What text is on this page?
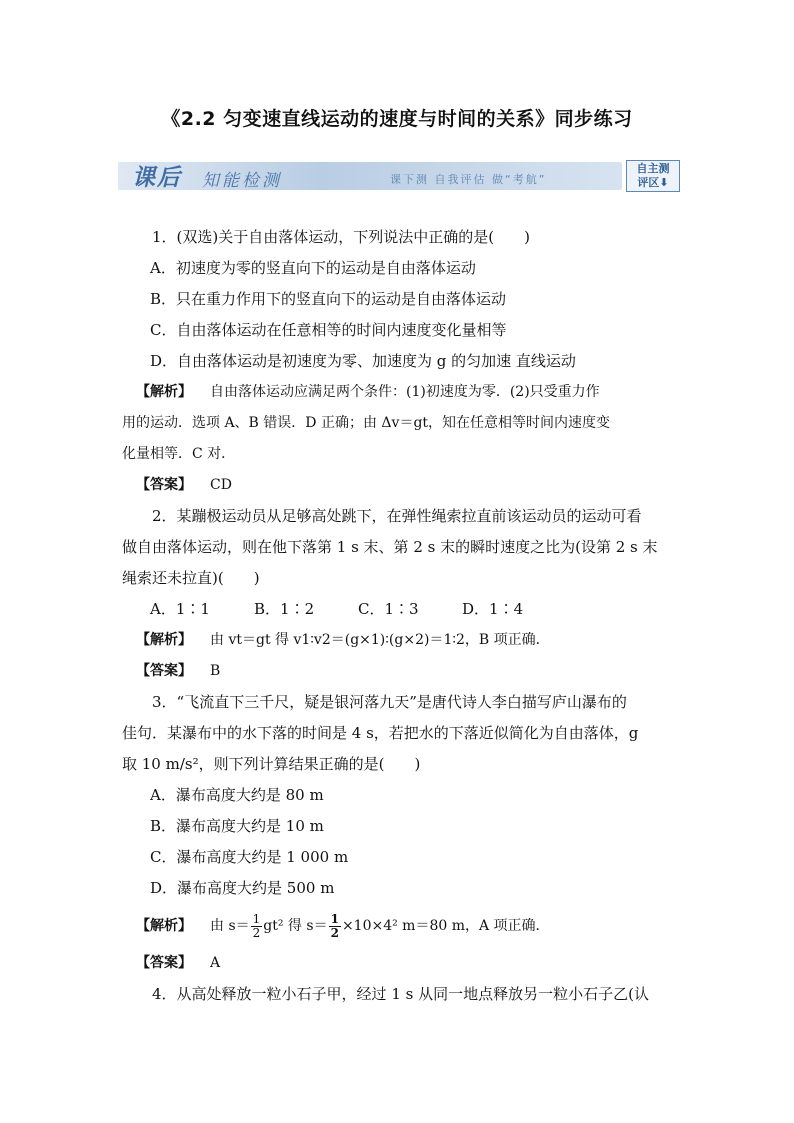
《2.2 匀变速直线运动的速度与时间的关系》同步练习
课后 知能检测	课下测 自我评估 做“考航”
自主测
评区⬇

1．(双选)关于自由落体运动，下列说法中正确的是(　　)

A．初速度为零的竖直向下的运动是自由落体运动

B．只在重力作用下的竖直向下的运动是自由落体运动

C．自由落体运动在任意相等的时间内速度变化量相等

D．自由落体运动是初速度为零、加速度为 g 的匀加速 直线运动

【解析】 自由落体运动应满足两个条件：(1)初速度为零．(2)只受重力作

用的运动．选项 A、B 错误．D 正确；由 Δv＝gt，知在任意相等时间内速度变

化量相等．C 对．

【答案】 CD

2．某蹦极运动员从足够高处跳下，在弹性绳索拉直前该运动员的运动可看

做自由落体运动，则在他下落第 1 s 末、第 2 s 末的瞬时速度之比为(设第 2 s 末

绳索还未拉直)(　　)

A．1∶1	B．1∶2	C．1∶3	D．1∶4

【解析】 由 vt＝gt 得 v1∶v2＝(g×1)∶(g×2)＝1∶2，B 项正确．

【答案】 B

3．“飞流直下三千尺，疑是银河落九天”是唐代诗人李白描写庐山瀑布的

佳句．某瀑布中的水下落的时间是 4 s，若把水的下落近似简化为自由落体，g

取 10 m/s²，则下列计算结果正确的是(　　)

A．瀑布高度大约是 80 m

B．瀑布高度大约是 10 m

C．瀑布高度大约是 1 000 m

D．瀑布高度大约是 500 m

【解析】 由 $s= \frac{1}{2} gt^2$ 得 $s= \frac{1}{2} \times 10\times 4^2$ m＝80 m，A 项正确．

【答案】 A

4．从高处释放一粒小石子甲，经过 1 s 从同一地点释放另一粒小石子乙(认
